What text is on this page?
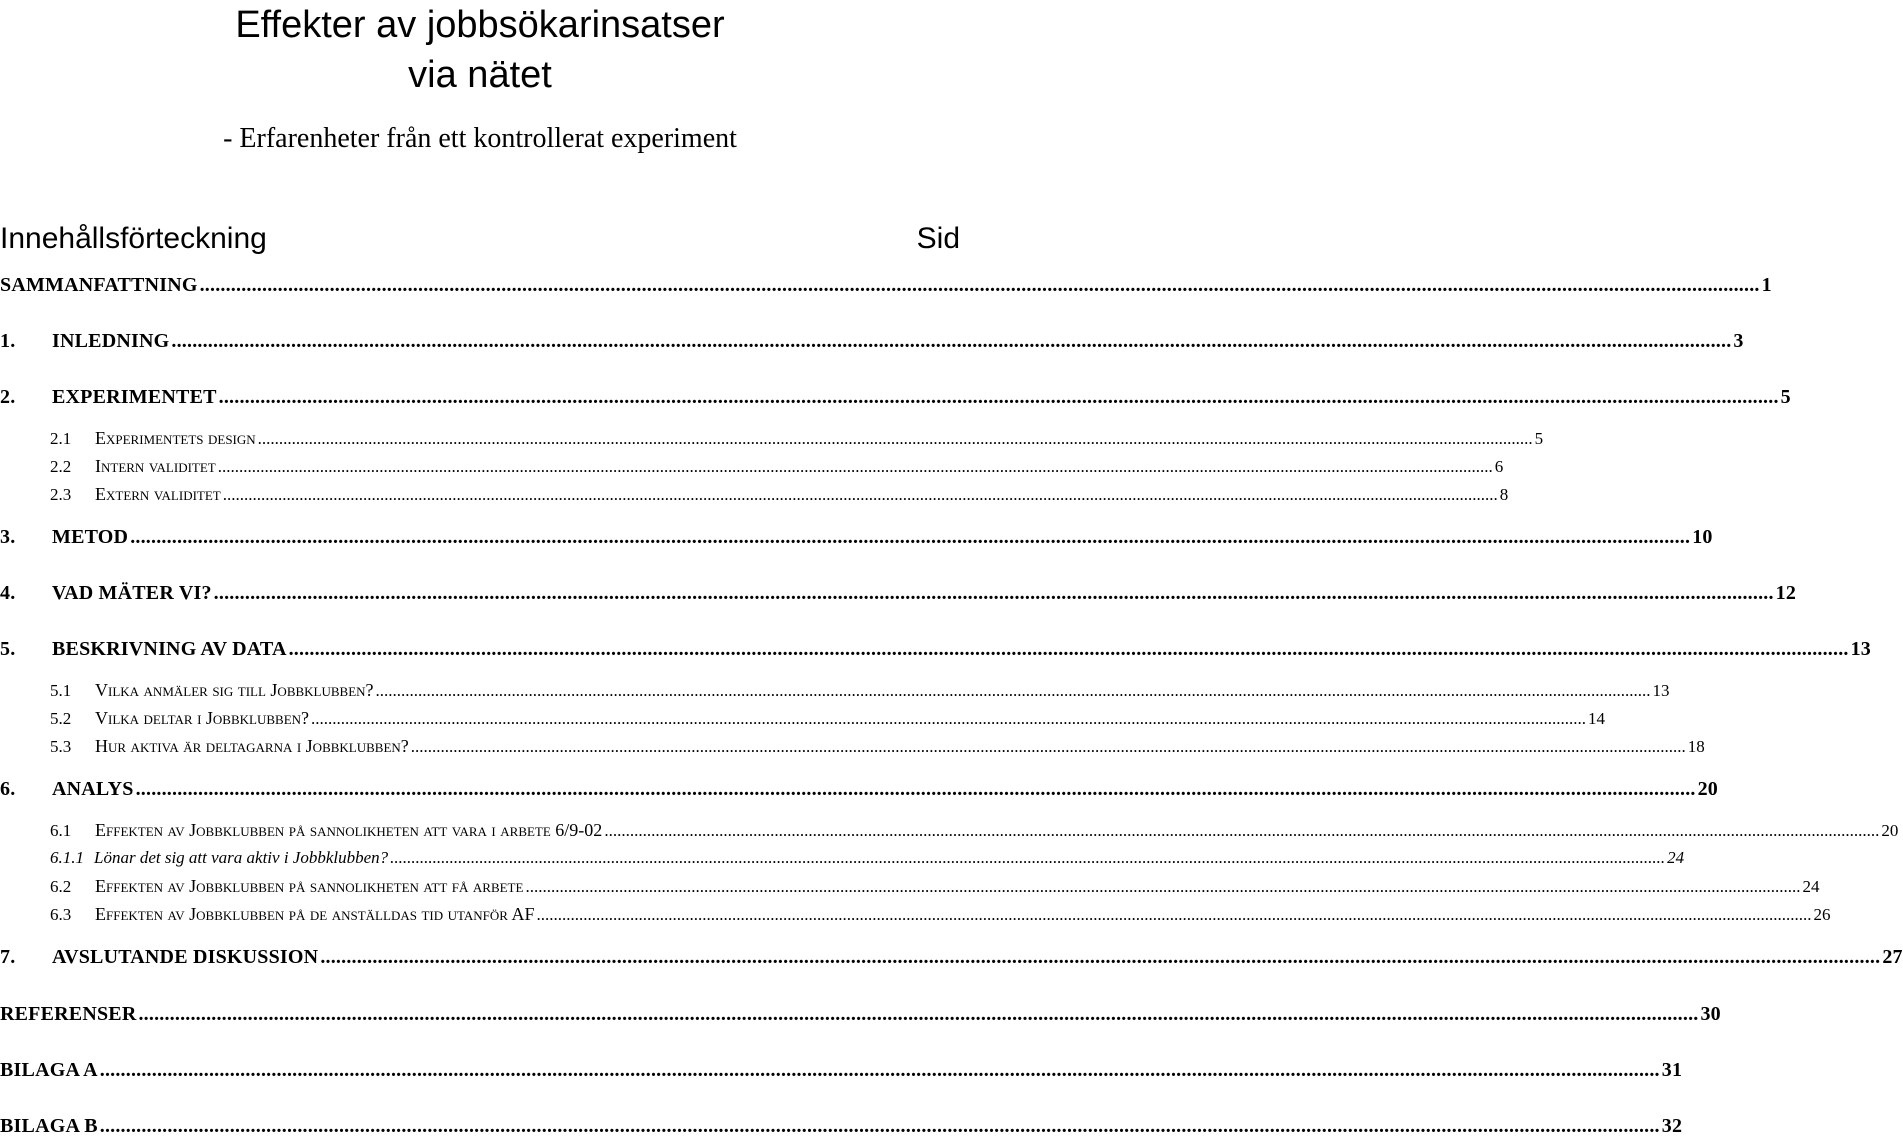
Effekter av jobbsökarinsatser
via nätet

- Erfarenheter från ett kontrollerat experiment

Innehållsförteckning	Sid
SAMMANFATTNING ............................................................................................................................................................................................................................................................................................................ 1
1.	INLEDNING ............................................................................................................................................................................................................................................................................................................ 3
2.	EXPERIMENTET ............................................................................................................................................................................................................................................................................................................ 5
2.1	Experimentets design ............................................................................................................................................................................................................................................................................................................ 5
2.2	Intern validitet ............................................................................................................................................................................................................................................................................................................ 6
2.3	Extern validitet ............................................................................................................................................................................................................................................................................................................ 8
3.	METOD ............................................................................................................................................................................................................................................................................................................ 10
4.	VAD MÄTER VI? ............................................................................................................................................................................................................................................................................................................ 12
5.	BESKRIVNING AV DATA ............................................................................................................................................................................................................................................................................................................ 13
5.1	Vilka anmäler sig till Jobbklubben? ............................................................................................................................................................................................................................................................................................................ 13
5.2	Vilka deltar i Jobbklubben? ............................................................................................................................................................................................................................................................................................................ 14
5.3	Hur aktiva är deltagarna i Jobbklubben? ............................................................................................................................................................................................................................................................................................................ 18
6.	ANALYS ............................................................................................................................................................................................................................................................................................................ 20
6.1	Effekten av Jobbklubben på sannolikheten att vara i arbete 6/9-02 ............................................................................................................................................................................................................................................................................................................ 20
6.1.1 Lönar det sig att vara aktiv i Jobbklubben? ............................................................................................................................................................................................................................................................................................................ 24
6.2	Effekten av Jobbklubben på sannolikheten att få arbete ............................................................................................................................................................................................................................................................................................................ 24
6.3	Effekten av Jobbklubben på de anställdas tid utanför AF ............................................................................................................................................................................................................................................................................................................ 26
7.	AVSLUTANDE DISKUSSION ............................................................................................................................................................................................................................................................................................................ 27
REFERENSER ............................................................................................................................................................................................................................................................................................................ 30
BILAGA A ............................................................................................................................................................................................................................................................................................................ 31
BILAGA B ............................................................................................................................................................................................................................................................................................................ 32
